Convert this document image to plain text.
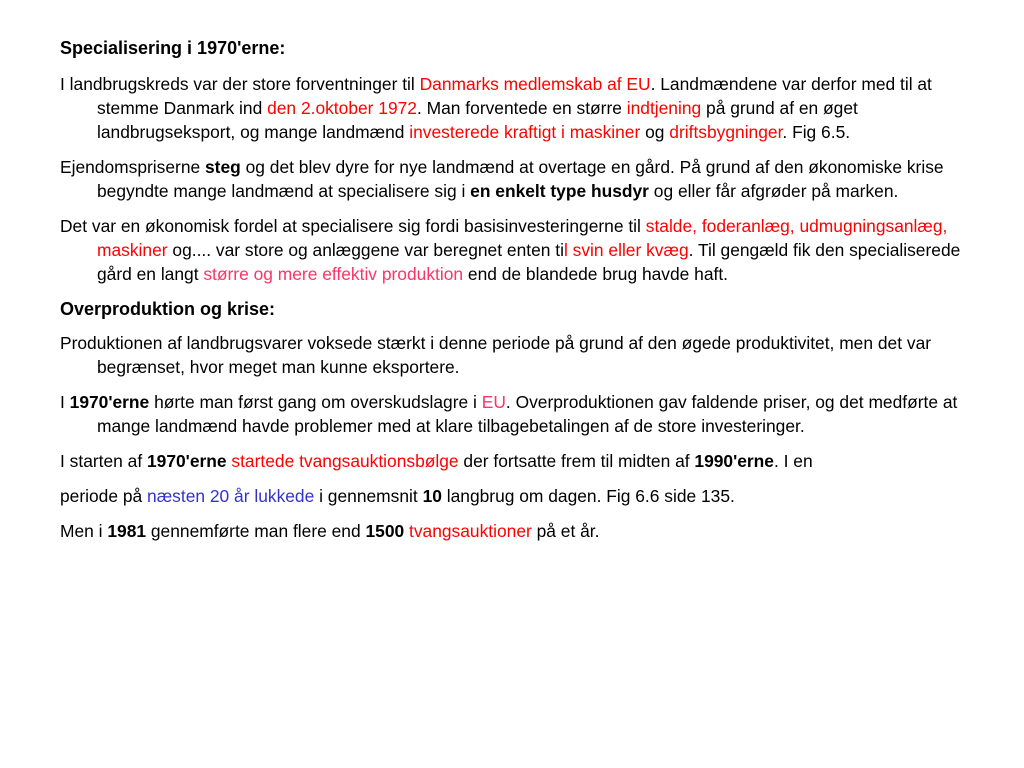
Specialisering i 1970'erne:
I landbrugskreds var der store forventninger til Danmarks medlemskab af EU. Landmændene var derfor med til at stemme Danmark ind den 2.oktober 1972. Man forventede en større indtjening på grund af en øget landbrugseksport, og mange landmænd investerede kraftigt i maskiner og driftsbygninger. Fig 6.5.
Ejendomspriserne steg og det blev dyre for nye landmænd at overtage en gård. På grund af den økonomiske krise begyndte mange landmænd at specialisere sig i en enkelt type husdyr og eller får afgrøder på marken.
Det var en økonomisk fordel at specialisere sig fordi basisinvesteringerne til stalde, foderanlæg, udmugningsanlæg, maskiner og.... var store og anlæggene var beregnet enten til svin eller kvæg. Til gengæld fik den specialiserede gård en langt større og mere effektiv produktion end de blandede brug havde haft.
Overproduktion og krise:
Produktionen af landbrugsvarer voksede stærkt i denne periode på grund af den øgede produktivitet, men det var begrænset, hvor meget man kunne eksportere.
I 1970'erne hørte man først gang om overskudslagre i EU. Overproduktionen gav faldende priser, og det medførte at mange landmænd havde problemer med at klare tilbagebetalingen af de store investeringer.
I starten af 1970'erne startede tvangsauktionsbølge der fortsatte frem til midten af 1990'erne. I en
periode på næsten 20 år lukkede i gennemsnit 10 langbrug om dagen. Fig 6.6 side 135.
Men i 1981 gennemførte man flere end 1500 tvangsauktioner på et år.
